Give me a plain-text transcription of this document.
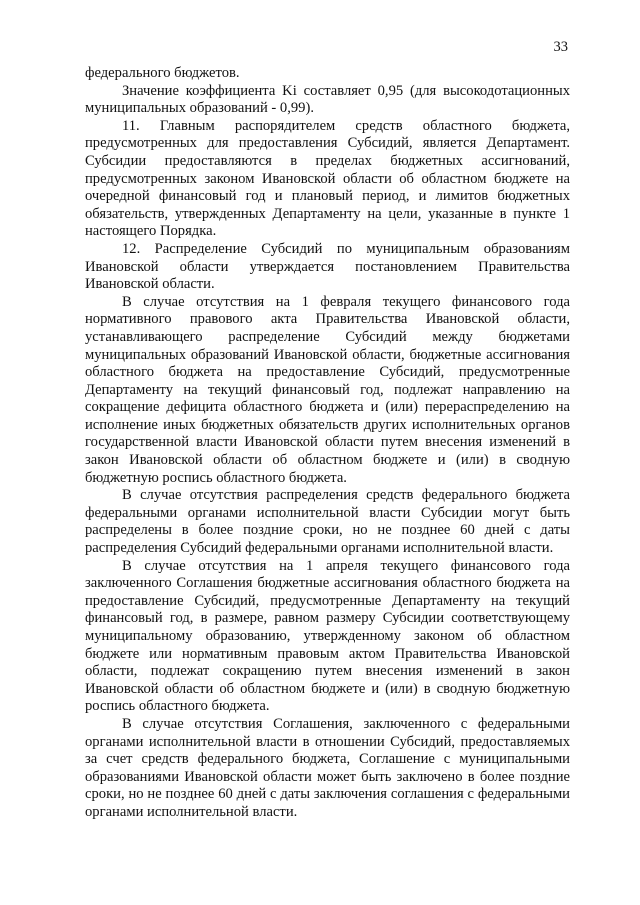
33

федерального бюджетов.

Значение коэффициента Ki составляет 0,95 (для высокодотационных муниципальных образований - 0,99).

11. Главным распорядителем средств областного бюджета, предусмотренных для предоставления Субсидий, является Департамент. Субсидии предоставляются в пределах бюджетных ассигнований, предусмотренных законом Ивановской области об областном бюджете на очередной финансовый год и плановый период, и лимитов бюджетных обязательств, утвержденных Департаменту на цели, указанные в пункте 1 настоящего Порядка.

12. Распределение Субсидий по муниципальным образованиям Ивановской области утверждается постановлением Правительства Ивановской области.

В случае отсутствия на 1 февраля текущего финансового года нормативного правового акта Правительства Ивановской области, устанавливающего распределение Субсидий между бюджетами муниципальных образований Ивановской области, бюджетные ассигнования областного бюджета на предоставление Субсидий, предусмотренные Департаменту на текущий финансовый год, подлежат направлению на сокращение дефицита областного бюджета и (или) перераспределению на исполнение иных бюджетных обязательств других исполнительных органов государственной власти Ивановской области путем внесения изменений в закон Ивановской области об областном бюджете и (или) в сводную бюджетную роспись областного бюджета.

В случае отсутствия распределения средств федерального бюджета федеральными органами исполнительной власти Субсидии могут быть распределены в более поздние сроки, но не позднее 60 дней с даты распределения Субсидий федеральными органами исполнительной власти.

В случае отсутствия на 1 апреля текущего финансового года заключенного Соглашения бюджетные ассигнования областного бюджета на предоставление Субсидий, предусмотренные Департаменту на текущий финансовый год, в размере, равном размеру Субсидии соответствующему муниципальному образованию, утвержденному законом об областном бюджете или нормативным правовым актом Правительства Ивановской области, подлежат сокращению путем внесения изменений в закон Ивановской области об областном бюджете и (или) в сводную бюджетную роспись областного бюджета.

В случае отсутствия Соглашения, заключенного с федеральными органами исполнительной власти в отношении Субсидий, предоставляемых за счет средств федерального бюджета, Соглашение с муниципальными образованиями Ивановской области может быть заключено в более поздние сроки, но не позднее 60 дней с даты заключения соглашения с федеральными органами исполнительной власти.
